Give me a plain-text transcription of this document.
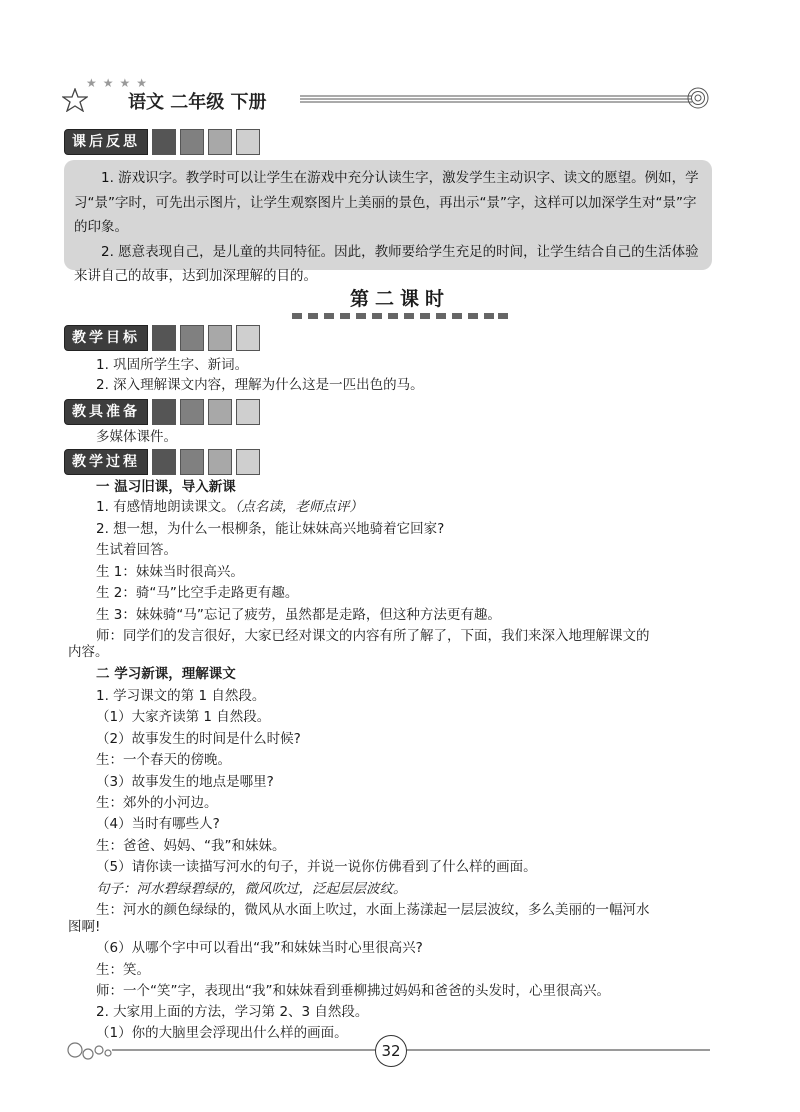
★★★★
语文 二年级 下册
课后反思

1. 游戏识字。教学时可以让学生在游戏中充分认读生字，激发学生主动识字、读文的愿望。例如，学习“景”字时，可先出示图片，让学生观察图片上美丽的景色，再出示“景”字，这样可以加深学生对“景”字的印象。

2. 愿意表现自己，是儿童的共同特征。因此，教师要给学生充足的时间，让学生结合自己的生活体验来讲自己的故事，达到加深理解的目的。

第二课时
教学目标
1. 巩固所学生字、新词。
2. 深入理解课文内容，理解为什么这是一匹出色的马。
教具准备
多媒体课件。
教学过程
一 温习旧课，导入新课
1. 有感情地朗读课文。（点名读，老师点评）
2. 想一想，为什么一根柳条，能让妹妹高兴地骑着它回家?
生试着回答。
生 1：妹妹当时很高兴。
生 2：骑“马”比空手走路更有趣。
生 3：妹妹骑“马”忘记了疲劳，虽然都是走路，但这种方法更有趣。
师：同学们的发言很好，大家已经对课文的内容有所了解了，下面，我们来深入地理解课文的
内容。
二 学习新课，理解课文
1. 学习课文的第 1 自然段。
（1）大家齐读第 1 自然段。
（2）故事发生的时间是什么时候?
生：一个春天的傍晚。
（3）故事发生的地点是哪里?
生：郊外的小河边。
（4）当时有哪些人?
生：爸爸、妈妈、“我”和妹妹。
（5）请你读一读描写河水的句子，并说一说你仿佛看到了什么样的画面。
句子：河水碧绿碧绿的，微风吹过，泛起层层波纹。
生：河水的颜色绿绿的，微风从水面上吹过，水面上荡漾起一层层波纹，多么美丽的一幅河水
图啊!
（6）从哪个字中可以看出“我”和妹妹当时心里很高兴?
生：笑。
师：一个“笑”字，表现出“我”和妹妹看到垂柳拂过妈妈和爸爸的头发时，心里很高兴。
2. 大家用上面的方法，学习第 2、3 自然段。
（1）你的大脑里会浮现出什么样的画面。
32
